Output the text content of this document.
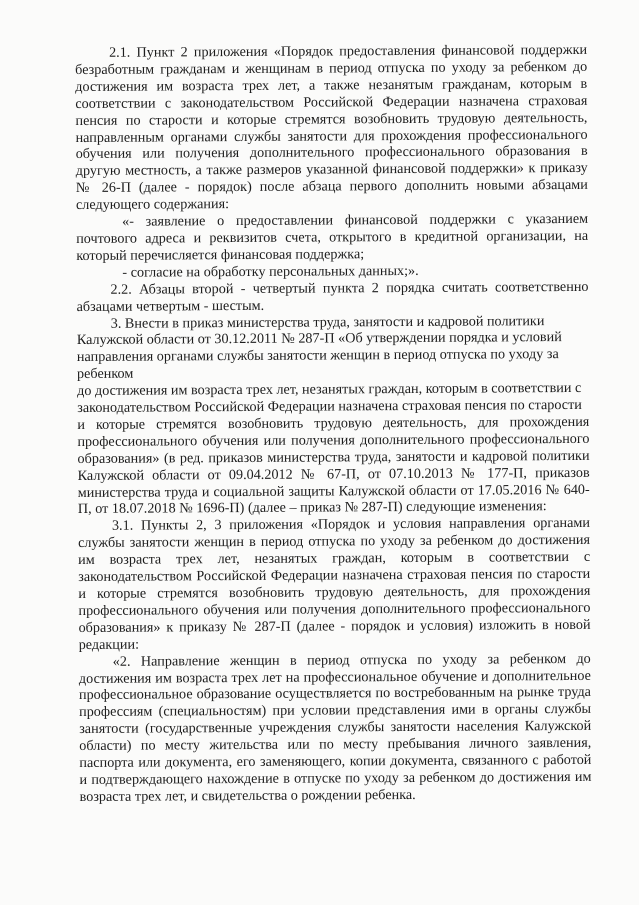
2.1. Пункт 2 приложения «Порядок предоставления финансовой поддержки безработным гражданам и женщинам в период отпуска по уходу за ребенком до достижения им возраста трех лет, а также незанятым гражданам, которым в соответствии с законодательством Российской Федерации назначена страховая пенсия по старости и которые стремятся возобновить трудовую деятельность, направленным органами службы занятости для прохождения профессионального обучения или получения дополнительного профессионального образования в другую местность, а также размеров указанной финансовой поддержки» к приказу № 26-П (далее - порядок) после абзаца первого дополнить новыми абзацами следующего содержания:

«- заявление о предоставлении финансовой поддержки с указанием почтового адреса и реквизитов счета, открытого в кредитной организации, на который перечисляется финансовая поддержка;

- согласие на обработку персональных данных;».

2.2. Абзацы второй - четвертый пункта 2 порядка считать соответственно абзацами четвертым - шестым.

3. Внести в приказ министерства труда, занятости и кадровой политики Калужской области от 30.12.2011 № 287-П «Об утверждении порядка и условий направления органами службы занятости женщин в период отпуска по уходу за ребенком

до достижения им возраста трех лет, незанятых граждан, которым в соответствии с законодательством Российской Федерации назначена страховая пенсия по старости

и которые стремятся возобновить трудовую деятельность, для прохождения профессионального обучения или получения дополнительного профессионального образования» (в ред. приказов министерства труда, занятости и кадровой политики Калужской области от 09.04.2012 № 67-П, от 07.10.2013 № 177-П, приказов министерства труда и социальной защиты Калужской области от 17.05.2016 № 640-П, от 18.07.2018 № 1696-П) (далее – приказ № 287-П) следующие изменения:

3.1. Пункты 2, 3 приложения «Порядок и условия направления органами службы занятости женщин в период отпуска по уходу за ребенком до достижения им возраста трех лет, незанятых граждан, которым в соответствии с законодательством Российской Федерации назначена страховая пенсия по старости и которые стремятся возобновить трудовую деятельность, для прохождения профессионального обучения или получения дополнительного профессионального образования» к приказу № 287-П (далее - порядок и условия) изложить в новой редакции:

«2. Направление женщин в период отпуска по уходу за ребенком до достижения им возраста трех лет на профессиональное обучение и дополнительное профессиональное образование осуществляется по востребованным на рынке труда профессиям (специальностям) при условии представления ими в органы службы занятости (государственные учреждения службы занятости населения Калужской области) по месту жительства или по месту пребывания личного заявления, паспорта или документа, его заменяющего, копии документа, связанного с работой и подтверждающего нахождение в отпуске по уходу за ребенком до достижения им возраста трех лет, и свидетельства о рождении ребенка.
